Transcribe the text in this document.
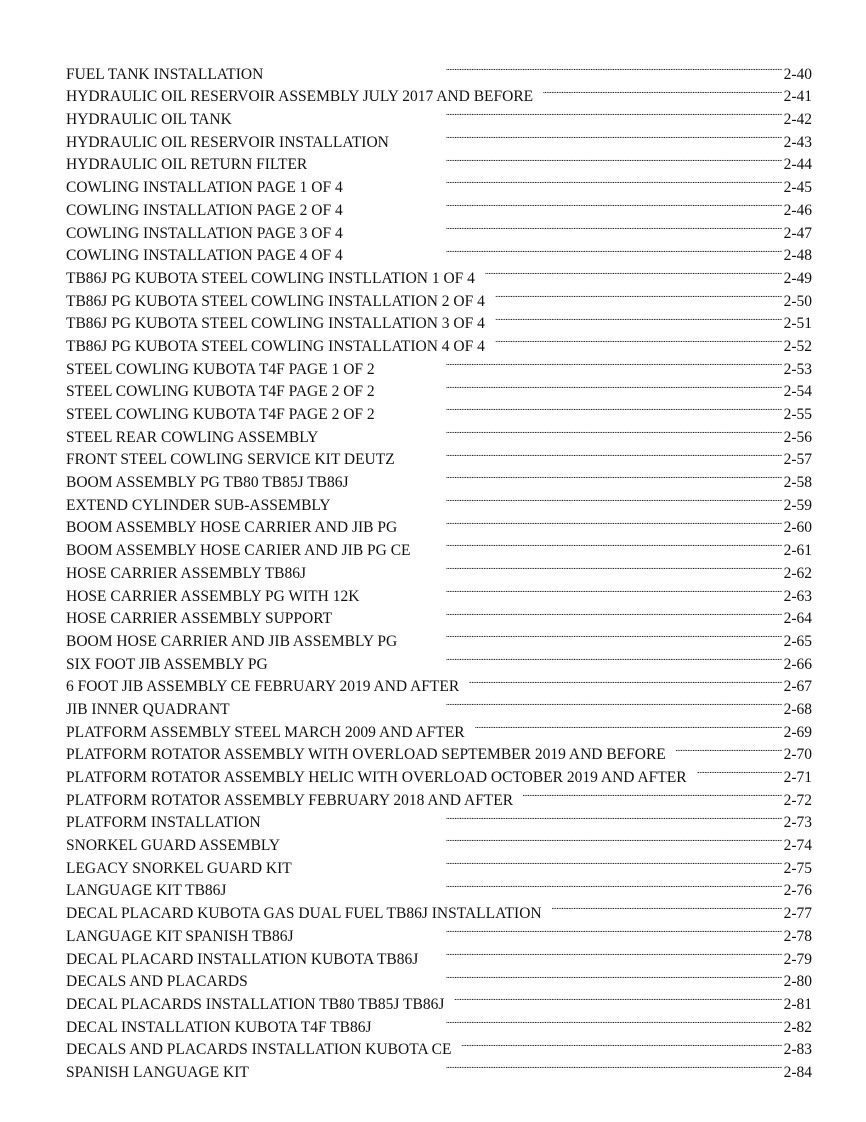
FUEL TANK INSTALLATION . . .	2-40
HYDRAULIC OIL RESERVOIR ASSEMBLY JULY 2017 AND BEFORE . . .	2-41
HYDRAULIC OIL TANK . . .	2-42
HYDRAULIC OIL RESERVOIR INSTALLATION . . .	2-43
HYDRAULIC OIL RETURN FILTER . . .	2-44
COWLING INSTALLATION PAGE 1 OF 4 . . .	2-45
COWLING INSTALLATION PAGE 2 OF 4 . . .	2-46
COWLING INSTALLATION PAGE 3 OF 4 . . .	2-47
COWLING INSTALLATION PAGE 4 OF 4 . . .	2-48
TB86J PG KUBOTA STEEL COWLING INSTLLATION 1 OF 4 . . .	2-49
TB86J PG KUBOTA STEEL COWLING INSTALLATION 2 OF 4 . . .	2-50
TB86J PG KUBOTA STEEL COWLING INSTALLATION 3 OF 4 . . .	2-51
TB86J PG KUBOTA STEEL COWLING INSTALLATION 4 OF 4 . . .	2-52
STEEL COWLING KUBOTA T4F PAGE 1 OF 2 . . .	2-53
STEEL COWLING KUBOTA T4F PAGE 2 OF 2 . . .	2-54
STEEL COWLING KUBOTA T4F PAGE 2 OF 2 . . .	2-55
STEEL REAR COWLING ASSEMBLY . . .	2-56
FRONT STEEL COWLING SERVICE KIT DEUTZ . . .	2-57
BOOM ASSEMBLY PG TB80 TB85J TB86J . . .	2-58
EXTEND CYLINDER SUB-ASSEMBLY . . .	2-59
BOOM ASSEMBLY HOSE CARRIER AND JIB PG . . .	2-60
BOOM ASSEMBLY HOSE CARIER AND JIB PG CE . . .	2-61
HOSE CARRIER ASSEMBLY TB86J . . .	2-62
HOSE CARRIER ASSEMBLY PG WITH 12K . . .	2-63
HOSE CARRIER ASSEMBLY SUPPORT . . .	2-64
BOOM HOSE CARRIER AND JIB ASSEMBLY PG . . .	2-65
SIX FOOT JIB ASSEMBLY PG . . .	2-66
6 FOOT JIB ASSEMBLY CE FEBRUARY 2019 AND AFTER . . .	2-67
JIB INNER QUADRANT . . .	2-68
PLATFORM ASSEMBLY STEEL MARCH 2009 AND AFTER . . .	2-69
PLATFORM ROTATOR ASSEMBLY WITH OVERLOAD SEPTEMBER 2019 AND BEFORE . . .	2-70
PLATFORM ROTATOR ASSEMBLY HELIC WITH OVERLOAD OCTOBER 2019 AND AFTER . . .	2-71
PLATFORM ROTATOR ASSEMBLY FEBRUARY 2018 AND AFTER . . .	2-72
PLATFORM INSTALLATION . . .	2-73
SNORKEL GUARD ASSEMBLY . . .	2-74
LEGACY SNORKEL GUARD KIT . . .	2-75
LANGUAGE KIT TB86J . . .	2-76
DECAL PLACARD KUBOTA GAS DUAL FUEL TB86J INSTALLATION . . .	2-77
LANGUAGE KIT SPANISH TB86J . . .	2-78
DECAL PLACARD INSTALLATION KUBOTA TB86J . . .	2-79
DECALS AND PLACARDS . . .	2-80
DECAL PLACARDS INSTALLATION TB80 TB85J TB86J . . .	2-81
DECAL INSTALLATION KUBOTA T4F TB86J . . .	2-82
DECALS AND PLACARDS INSTALLATION KUBOTA CE . . .	2-83
SPANISH LANGUAGE KIT . . .	2-84
